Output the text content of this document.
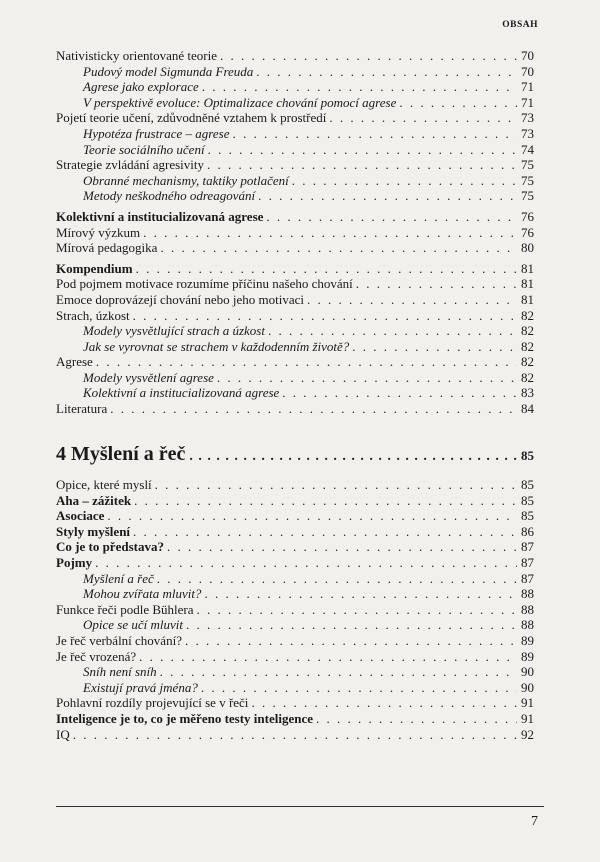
OBSAH
Nativisticky orientované teorie . . .	70
Pudový model Sigmunda Freuda . . .	70
Agrese jako explorace . . .	71
V perspektivě evoluce: Optimalizace chování pomocí agrese . . .	71
Pojetí teorie učení, zdůvodněné vztahem k prostředí . . .	73
Hypotéza frustrace – agrese . . .	73
Teorie sociálního učení . . .	74
Strategie zvládání agresivity . . .	75
Obranné mechanismy, taktiky potlačení . . .	75
Metody neškodného odreagování . . .	75
Kolektivní a institucializovaná agrese . . .	76
Mírový výzkum . . .	76
Mírová pedagogika . . .	80
Kompendium . . .	81
Pod pojmem motivace rozumíme příčinu našeho chování . . .	81
Emoce doprovázejí chování nebo jeho motivaci . . .	81
Strach, úzkost . . .	82
Modely vysvětlující strach a úzkost . . .	82
Jak se vyrovnat se strachem v každodenním životě? . . .	82
Agrese . . .	82
Modely vysvětlení agrese . . .	82
Kolektivní a institucializovaná agrese . . .	83
Literatura . . .	84
4 Myšlení a řeč . . .	85
Opice, které myslí . . .	85
Aha – zážitek . . .	85
Asociace . . .	85
Styly myšlení . . .	86
Co je to představa? . . .	87
Pojmy . . .	87
Myšlení a řeč . . .	87
Mohou zvířata mluvit? . . .	88
Funkce řeči podle Bühlera . . .	88
Opice se učí mluvit . . .	88
Je řeč verbální chování? . . .	89
Je řeč vrozená? . . .	89
Sníh není sníh . . .	90
Existují pravá jména? . . .	90
Pohlavní rozdíly projevující se v řeči . . .	91
Inteligence je to, co je měřeno testy inteligence . . .	91
IQ . . .	92
7
